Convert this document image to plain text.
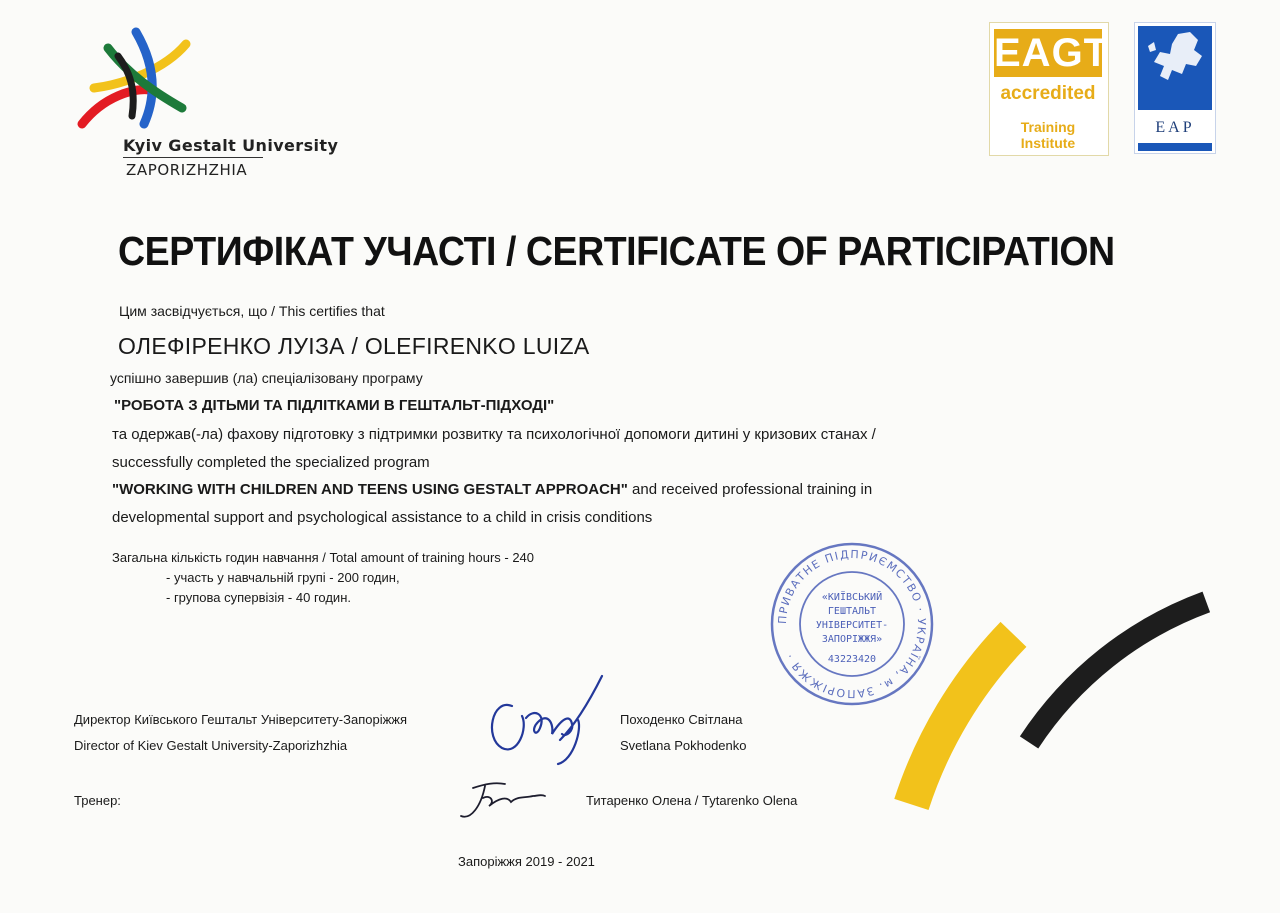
Kyiv Gestalt University
ZAPORIZHZHIA
EAGT
accredited
Training Institute
EAP
СЕРТИФІКАТ УЧАСТІ / CERTIFICATE OF PARTICIPATION
Цим засвідчується, що / This certifies that
ОЛЕФІРЕНКО ЛУІЗА / OLEFIRENKO LUIZA
успішно завершив (ла) спеціалізовану програму
"РОБОТА З ДІТЬМИ ТА ПІДЛІТКАМИ В ГЕШТАЛЬТ-ПІДХОДІ"
та одержав(-ла) фахову підготовку з підтримки розвитку та психологічної допомоги дитині у кризових станах /
successfully completed the specialized program
"WORKING WITH CHILDREN AND TEENS USING GESTALT APPROACH" and received professional training in
developmental support and psychological assistance to a child in crisis conditions
Загальна кількість годин навчання / Total amount of training hours - 240
- участь у навчальній групі - 200 годин,
- групова супервізія - 40 годин.
ПРИВАТНЕ ПІДПРИЄМСТВО · УКРАЇНА, м. ЗАПОРІЖЖЯ ·
«КИЇВСЬКИЙ
ГЕШТАЛЬТ
УНІВЕРСИТЕТ-
ЗАПОРІЖЖЯ»
43223420
Директор Київського Гештальт Університету-Запоріжжя
Director of Kiev Gestalt University-Zaporizhzhia
Походенко Світлана
Svetlana Pokhodenko
Тренер:	Титаренко Олена / Tytarenko Olena
Запоріжжя 2019 - 2021
